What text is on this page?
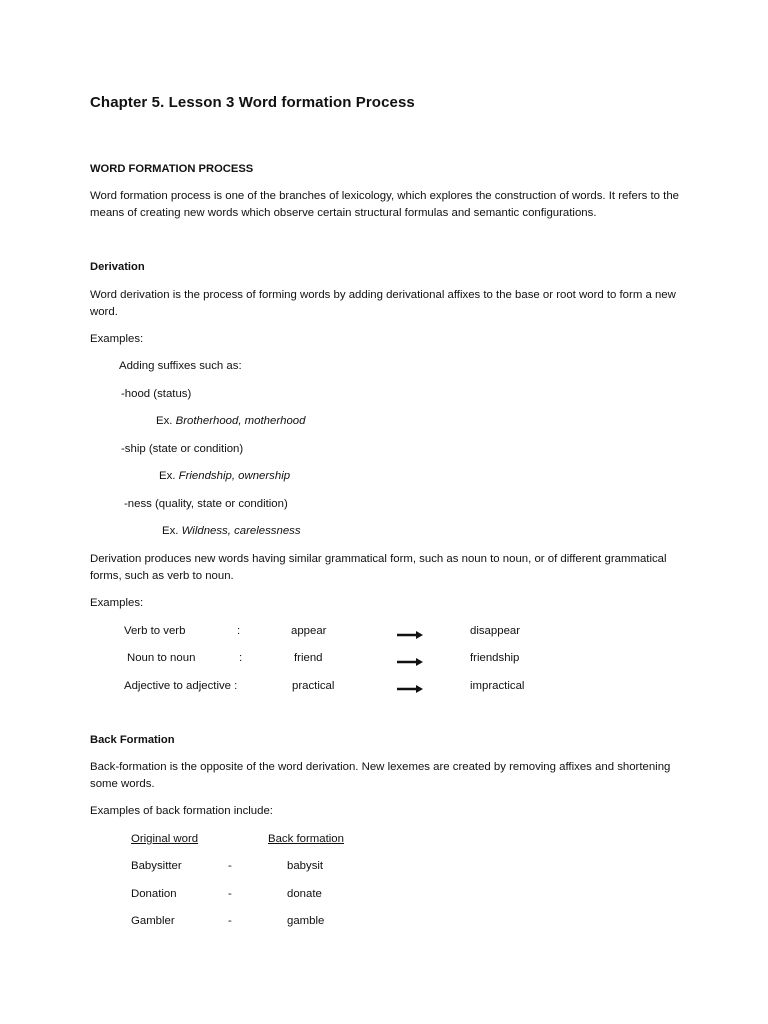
Chapter 5. Lesson 3 Word formation Process
WORD FORMATION PROCESS
Word formation process is one of the branches of lexicology, which explores the construction of words. It refers to the means of creating new words which observe certain structural formulas and semantic configurations.
Derivation
Word derivation is the process of forming words by adding derivational affixes to the base or root word to form a new word.
Examples:
Adding suffixes such as:
-hood (status)
Ex. Brotherhood, motherhood
-ship (state or condition)
Ex. Friendship, ownership
-ness (quality, state or condition)
Ex. Wildness, carelessness
Derivation produces new words having similar grammatical form, such as noun to noun, or of different grammatical forms, such as verb to noun.
Examples:
Verb to verb	:	appear	disappear
Noun to noun	:	friend	friendship
Adjective to adjective :	practical	impractical
Back Formation
Back-formation is the opposite of the word derivation. New lexemes are created by removing affixes and shortening some words.
Examples of back formation include:
Original word	Back formation
Babysitter	-	babysit
Donation	-	donate
Gambler	-	gamble
